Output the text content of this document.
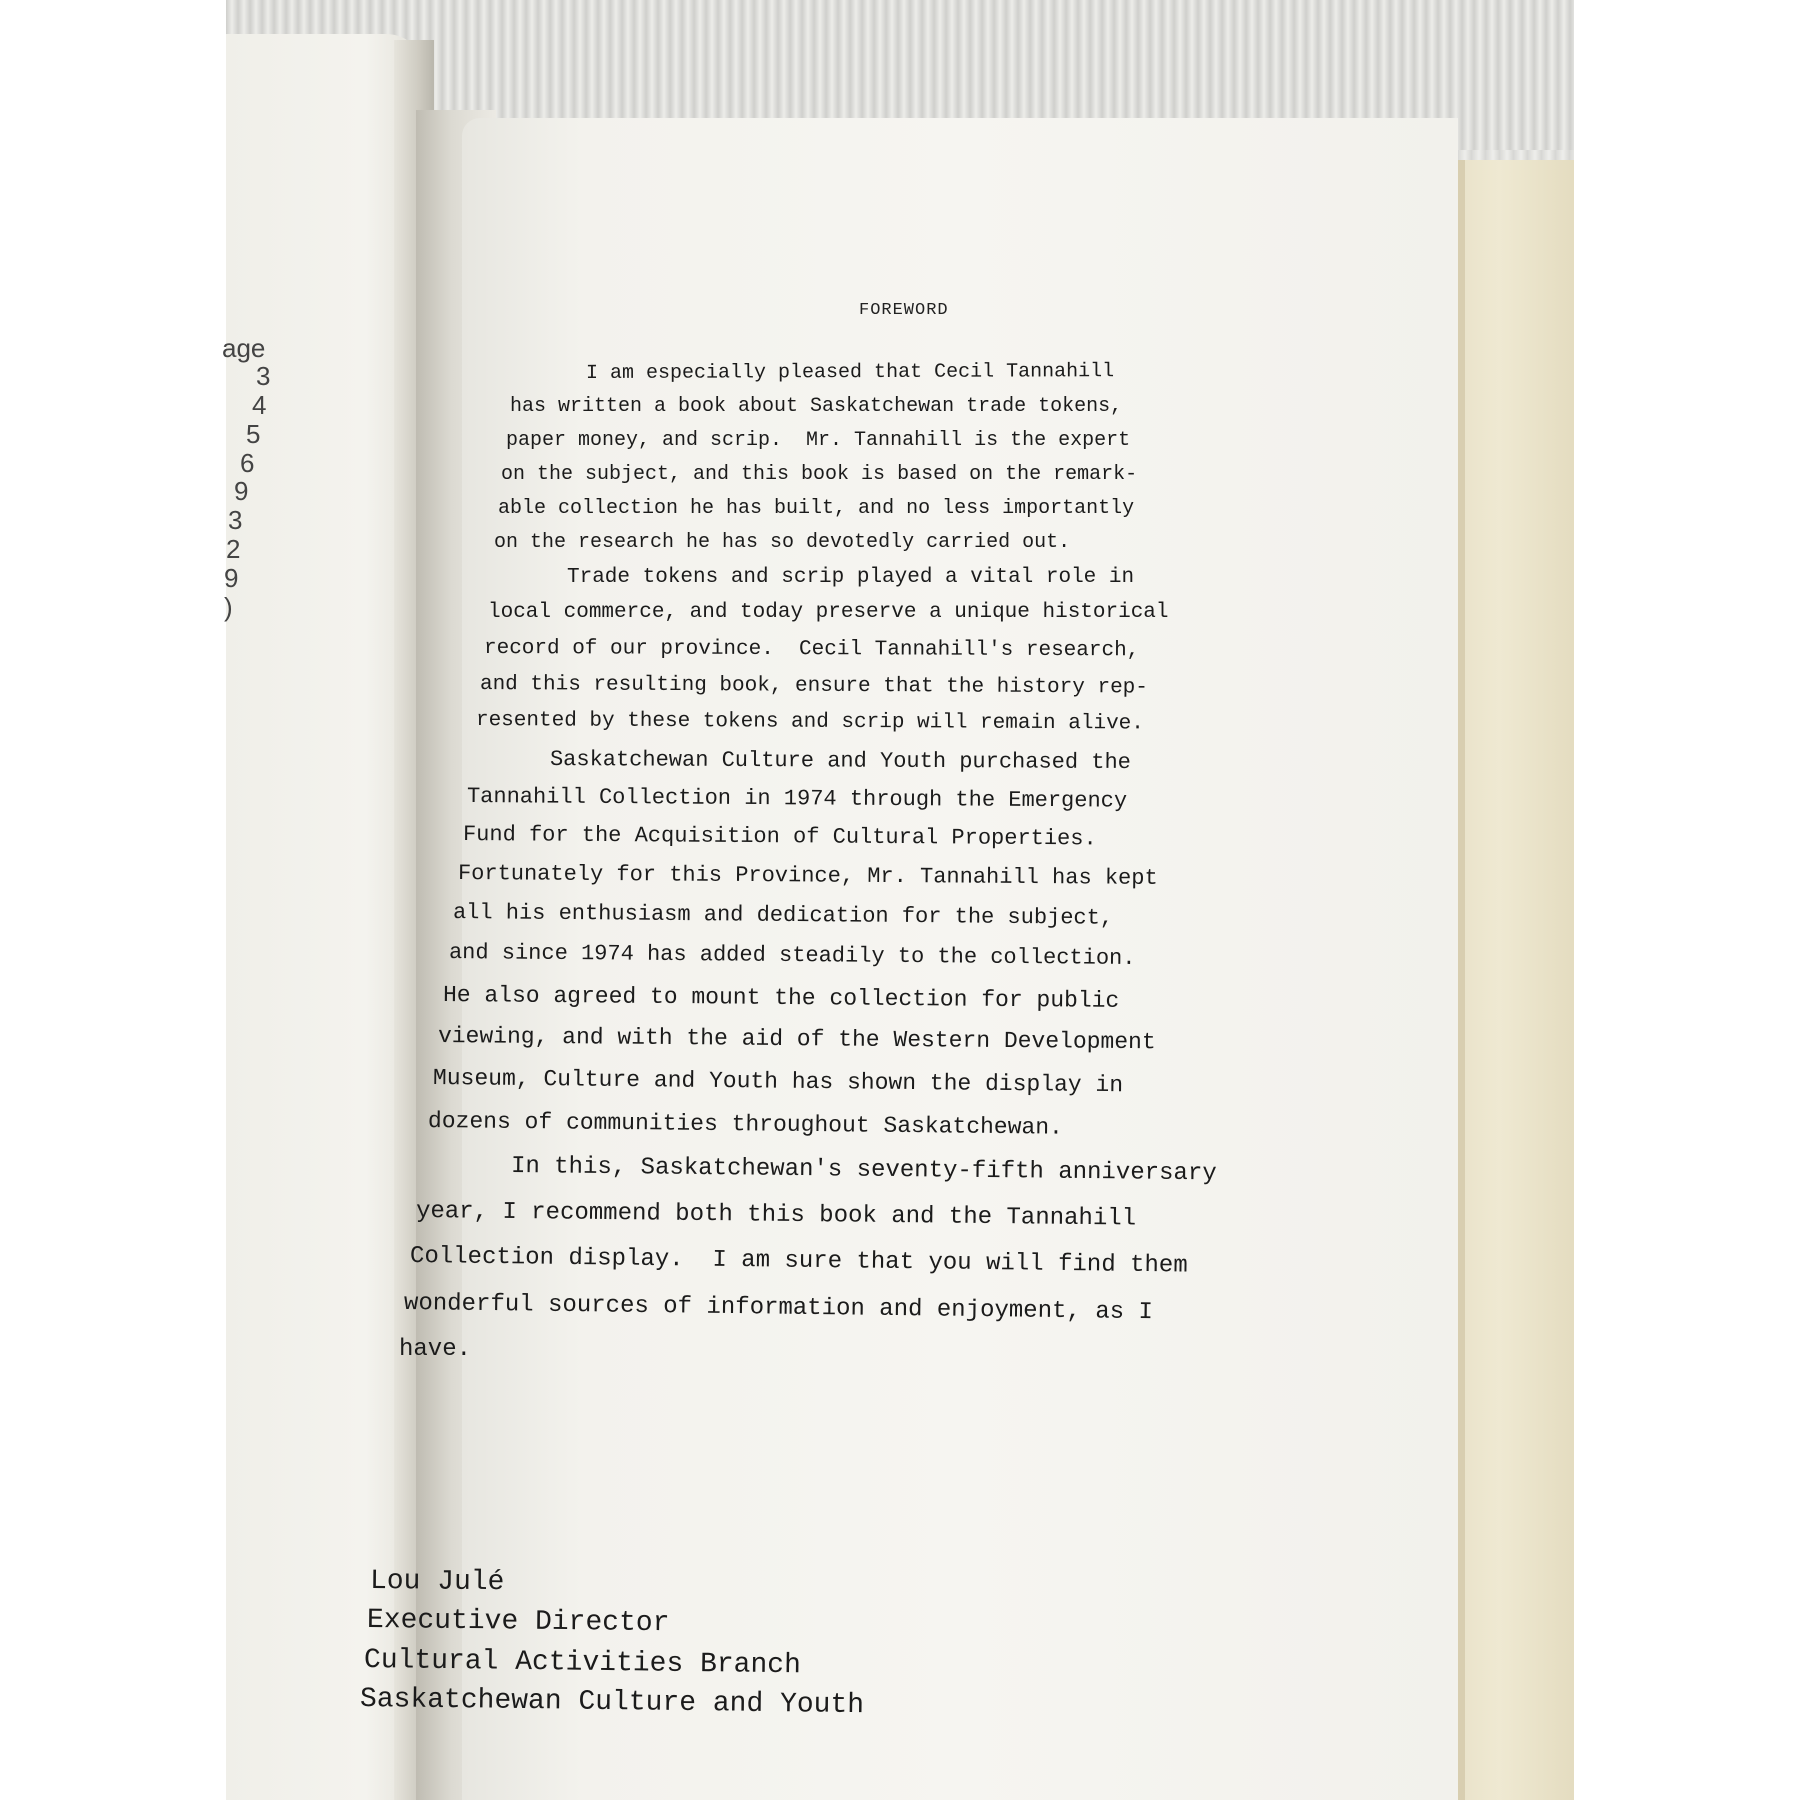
age
3
4
5
6
9
3
2
9
)
FOREWORD
I am especially pleased that Cecil Tannahill
has written a book about Saskatchewan trade tokens,
paper money, and scrip.  Mr. Tannahill is the expert
on the subject, and this book is based on the remark-
able collection he has built, and no less importantly
on the research he has so devotedly carried out.
Trade tokens and scrip played a vital role in
local commerce, and today preserve a unique historical
record of our province.  Cecil Tannahill's research,
and this resulting book, ensure that the history rep-
resented by these tokens and scrip will remain alive.
Saskatchewan Culture and Youth purchased the
Tannahill Collection in 1974 through the Emergency
Fund for the Acquisition of Cultural Properties.
Fortunately for this Province, Mr. Tannahill has kept
all his enthusiasm and dedication for the subject,
and since 1974 has added steadily to the collection.
He also agreed to mount the collection for public
viewing, and with the aid of the Western Development
Museum, Culture and Youth has shown the display in
dozens of communities throughout Saskatchewan.
In this, Saskatchewan's seventy-fifth anniversary
year, I recommend both this book and the Tannahill
Collection display.  I am sure that you will find them
wonderful sources of information and enjoyment, as I
have.
Lou Julé
Executive Director
Cultural Activities Branch
Saskatchewan Culture and Youth
